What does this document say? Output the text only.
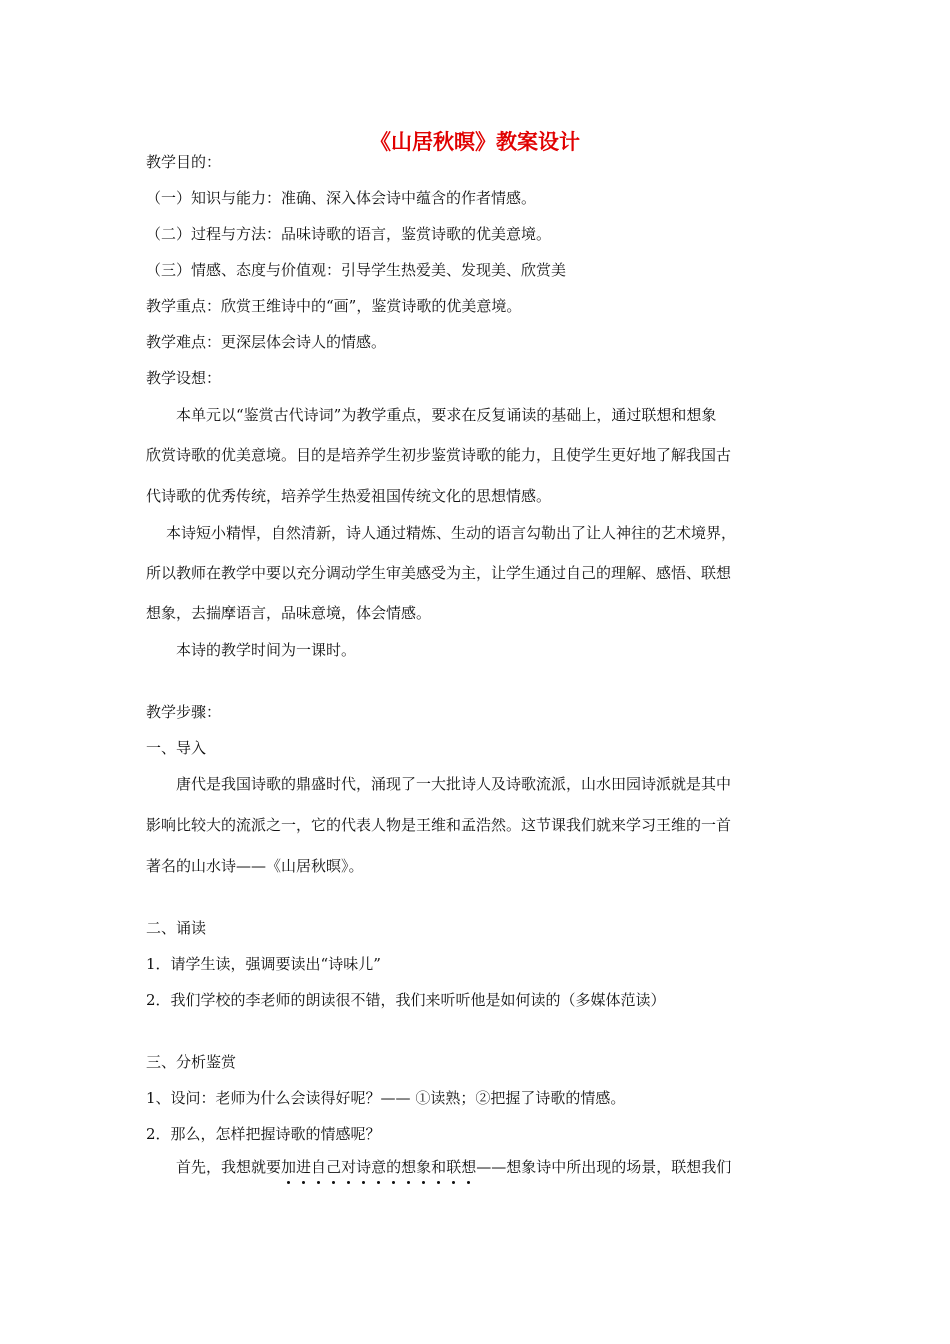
《山居秋暝》教案设计
教学目的：
（一）知识与能力：准确、深入体会诗中蕴含的作者情感。
（二）过程与方法：品味诗歌的语言，鉴赏诗歌的优美意境。
（三）情感、态度与价值观：引导学生热爱美、发现美、欣赏美
教学重点：欣赏王维诗中的“画”，鉴赏诗歌的优美意境。
教学难点：更深层体会诗人的情感。
教学设想：
本单元以“鉴赏古代诗词”为教学重点，要求在反复诵读的基础上，通过联想和想象
欣赏诗歌的优美意境。目的是培养学生初步鉴赏诗歌的能力，且使学生更好地了解我国古
代诗歌的优秀传统，培养学生热爱祖国传统文化的思想情感。
本诗短小精悍，自然清新，诗人通过精炼、生动的语言勾勒出了让人神往的艺术境界，
所以教师在教学中要以充分调动学生审美感受为主，让学生通过自己的理解、感悟、联想
想象，去揣摩语言，品味意境，体会情感。
本诗的教学时间为一课时。
教学步骤：
一、导入
唐代是我国诗歌的鼎盛时代，涌现了一大批诗人及诗歌流派，山水田园诗派就是其中
影响比较大的流派之一，它的代表人物是王维和孟浩然。这节课我们就来学习王维的一首
著名的山水诗——《山居秋暝》。
二、诵读
1．请学生读，强调要读出“诗味儿”
2．我们学校的李老师的朗读很不错，我们来听听他是如何读的（多媒体范读）
三、分析鉴赏
1、设问：老师为什么会读得好呢？—— ①读熟；②把握了诗歌的情感。
2．那么，怎样把握诗歌的情感呢？
首先，我想就要加进自己对诗意的想象和联想——想象诗中所出现的场景，联想我们
